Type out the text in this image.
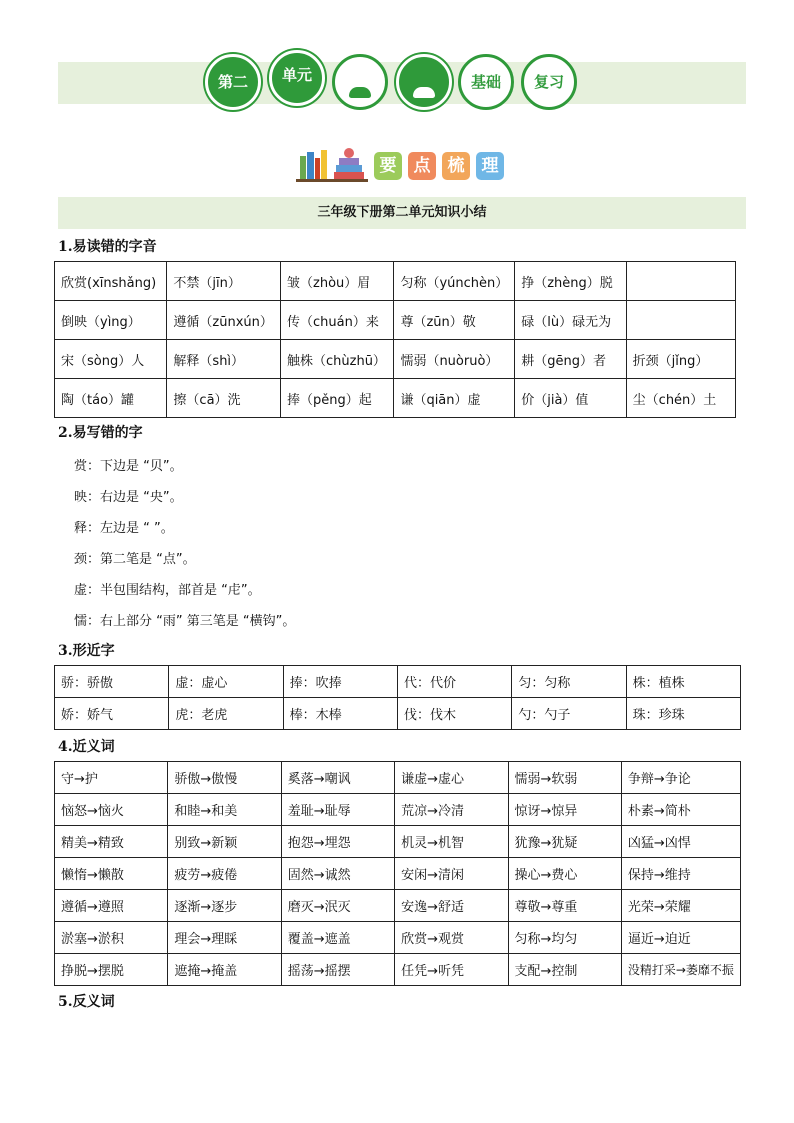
第二	单元	基础	复习
要	点	梳	理
三年级下册第二单元知识小结
1.易读错的字音
欣赏(xīnshǎng)	不禁（jīn）	皱（zhòu）眉	匀称（yúnchèn）	挣（zhèng）脱	
倒映（yìng）	遵循（zūnxún）	传（chuán）来	尊（zūn）敬	碌（lù）碌无为	
宋（sòng）人	解释（shì）	触株（chùzhū）	懦弱（nuòruò）	耕（gēng）者	折颈（jǐng）
陶（táo）罐	擦（cā）洗	捧（pěng）起	谦（qiān）虚	价（jià）值	尘（chén）土
2.易写错的字
赏：下边是 “贝”。
映：右边是 “央”。
释：左边是 “ ”。
颈：第二笔是 “点”。
虚：半包围结构，部首是 “虍”。
懦：右上部分 “雨” 第三笔是 “横钩”。
3.形近字
骄：骄傲	虚：虚心	捧：吹捧	代：代价	匀：匀称	株：植株
娇：娇气	虎：老虎	棒：木棒	伐：伐木	勺：勺子	珠：珍珠
4.近义词
守→护	骄傲→傲慢	奚落→嘲讽	谦虚→虚心	懦弱→软弱	争辩→争论
恼怒→恼火	和睦→和美	羞耻→耻辱	荒凉→冷清	惊讶→惊异	朴素→简朴
精美→精致	别致→新颖	抱怨→埋怨	机灵→机智	犹豫→犹疑	凶猛→凶悍
懒惰→懒散	疲劳→疲倦	固然→诚然	安闲→清闲	操心→费心	保持→维持
遵循→遵照	逐渐→逐步	磨灭→泯灭	安逸→舒适	尊敬→尊重	光荣→荣耀
淤塞→淤积	理会→理睬	覆盖→遮盖	欣赏→观赏	匀称→均匀	逼近→迫近
挣脱→摆脱	遮掩→掩盖	摇荡→摇摆	任凭→听凭	支配→控制	没精打采→萎靡不振
5.反义词
